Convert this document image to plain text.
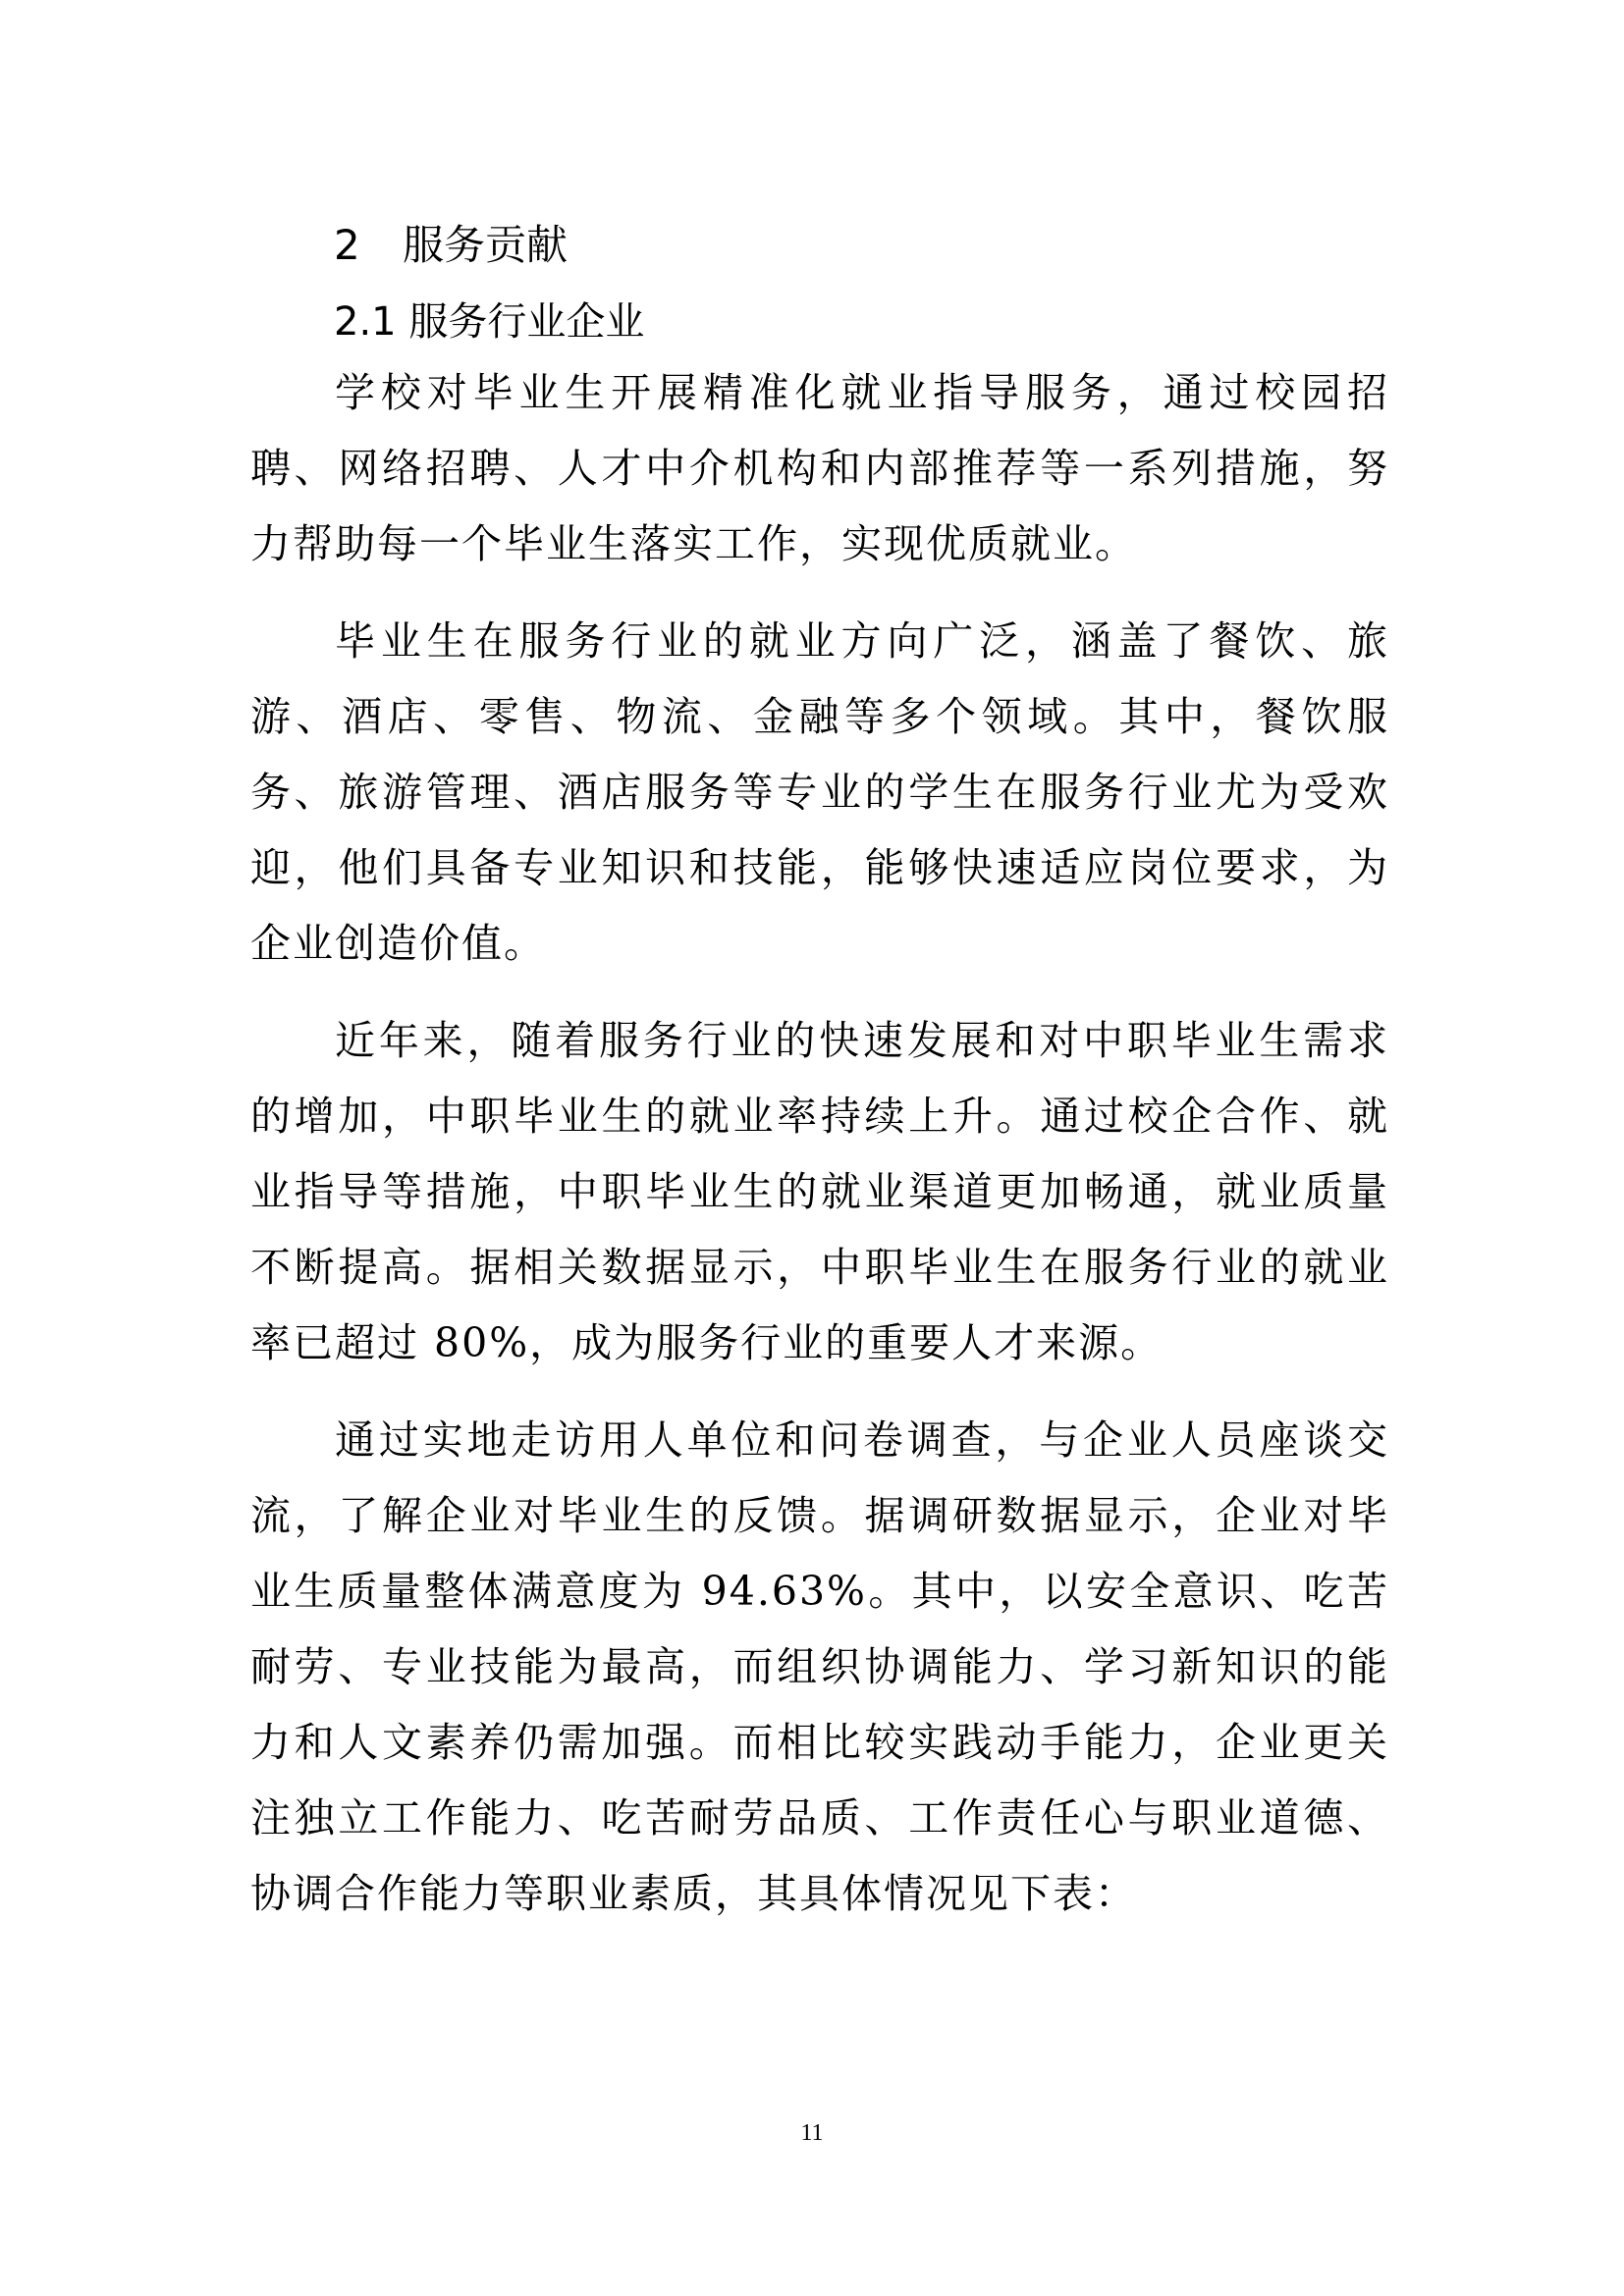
2 服务贡献
2.1 服务行业企业

学校对毕业生开展精准化就业指导服务，通过校园招聘、网络招聘、人才中介机构和内部推荐等一系列措施，努力帮助每一个毕业生落实工作，实现优质就业。

毕业生在服务行业的就业方向广泛，涵盖了餐饮、旅游、酒店、零售、物流、金融等多个领域。其中，餐饮服务、旅游管理、酒店服务等专业的学生在服务行业尤为受欢迎，他们具备专业知识和技能，能够快速适应岗位要求，为企业创造价值。

近年来，随着服务行业的快速发展和对中职毕业生需求的增加，中职毕业生的就业率持续上升。通过校企合作、就业指导等措施，中职毕业生的就业渠道更加畅通，就业质量不断提高。据相关数据显示，中职毕业生在服务行业的就业率已超过 80%，成为服务行业的重要人才来源。

通过实地走访用人单位和问卷调查，与企业人员座谈交流，了解企业对毕业生的反馈。据调研数据显示，企业对毕业生质量整体满意度为 94.63%。其中，以安全意识、吃苦耐劳、专业技能为最高，而组织协调能力、学习新知识的能力和人文素养仍需加强。而相比较实践动手能力，企业更关注独立工作能力、吃苦耐劳品质、工作责任心与职业道德、协调合作能力等职业素质，其具体情况见下表：

11
